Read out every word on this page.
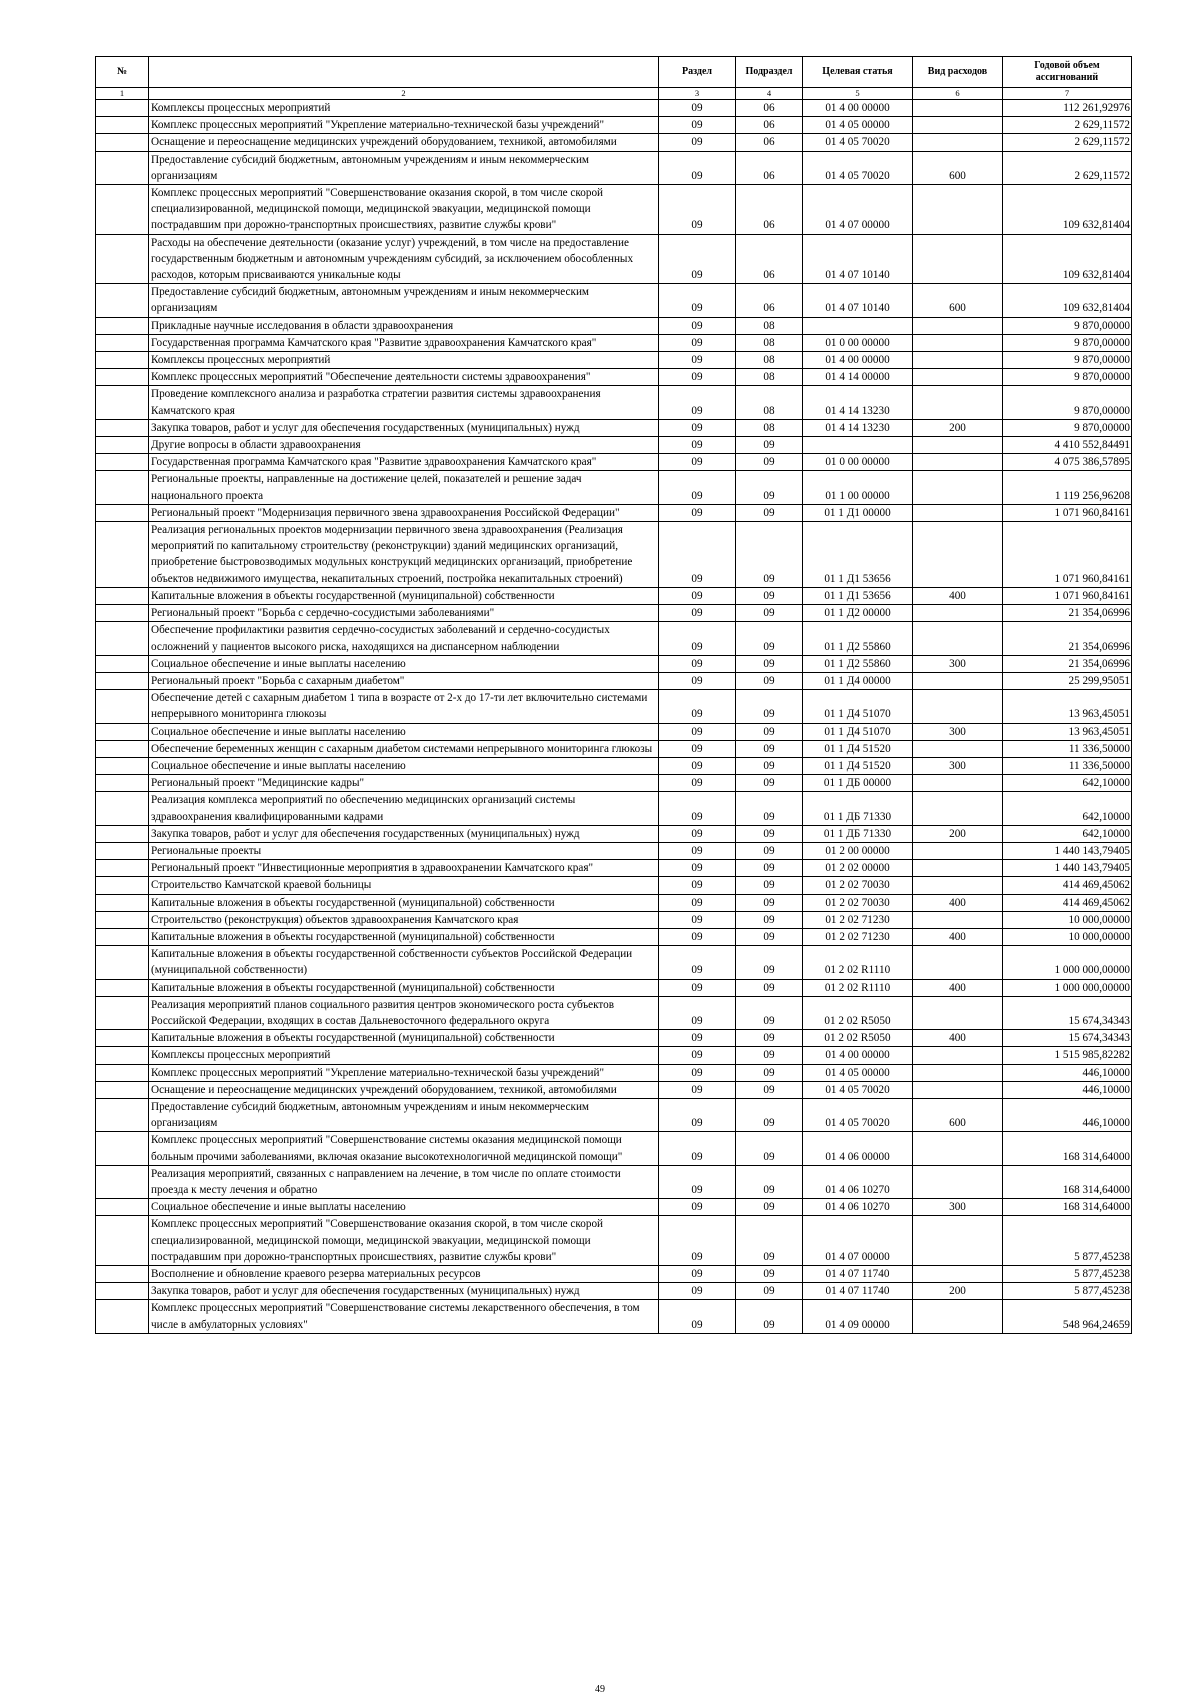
№		Раздел	Подраздел	Целевая статья	Вид расходов	Годовой объем ассигнований
1	2	3	4	5	6	7
	Комплексы процессных мероприятий	09	06	01 4 00 00000		112 261,92976
	Комплекс процессных мероприятий "Укрепление материально-технической базы учреждений"	09	06	01 4 05 00000		2 629,11572
	Оснащение и переоснащение медицинских учреждений оборудованием, техникой, автомобилями	09	06	01 4 05 70020		2 629,11572
	Предоставление субсидий бюджетным, автономным учреждениям и иным некоммерческим организациям	09	06	01 4 05 70020	600	2 629,11572
	Комплекс процессных мероприятий "Совершенствование оказания скорой, в том числе скорой специализированной, медицинской помощи, медицинской эвакуации, медицинской помощи пострадавшим при дорожно-транспортных происшествиях, развитие службы крови"	09	06	01 4 07 00000		109 632,81404
	Расходы на обеспечение деятельности (оказание услуг) учреждений, в том числе на предоставление государственным бюджетным и автономным учреждениям субсидий, за исключением обособленных расходов, которым присваиваются уникальные коды	09	06	01 4 07 10140		109 632,81404
	Предоставление субсидий бюджетным, автономным учреждениям и иным некоммерческим организациям	09	06	01 4 07 10140	600	109 632,81404
	Прикладные научные исследования в области здравоохранения	09	08			9 870,00000
	Государственная программа Камчатского края "Развитие здравоохранения Камчатского края"	09	08	01 0 00 00000		9 870,00000
	Комплексы процессных мероприятий	09	08	01 4 00 00000		9 870,00000
	Комплекс процессных мероприятий "Обеспечение деятельности системы здравоохранения"	09	08	01 4 14 00000		9 870,00000
	Проведение комплексного анализа и разработка стратегии развития системы здравоохранения Камчатского края	09	08	01 4 14 13230		9 870,00000
	Закупка товаров, работ и услуг для обеспечения государственных (муниципальных) нужд	09	08	01 4 14 13230	200	9 870,00000
	Другие вопросы в области здравоохранения	09	09			4 410 552,84491
	Государственная программа Камчатского края "Развитие здравоохранения Камчатского края"	09	09	01 0 00 00000		4 075 386,57895
	Региональные проекты, направленные на достижение целей, показателей и решение задач национального проекта	09	09	01 1 00 00000		1 119 256,96208
	Региональный проект "Модернизация первичного звена здравоохранения Российской Федерации"	09	09	01 1 Д1 00000		1 071 960,84161
	Реализация региональных проектов модернизации первичного звена здравоохранения (Реализация мероприятий по капитальному строительству (реконструкции) зданий медицинских организаций, приобретение быстровозводимых модульных конструкций медицинских организаций, приобретение объектов недвижимого имущества, некапитальных строений, постройка некапитальных строений)	09	09	01 1 Д1 53656		1 071 960,84161
	Капитальные вложения в объекты государственной (муниципальной) собственности	09	09	01 1 Д1 53656	400	1 071 960,84161
	Региональный проект "Борьба с сердечно-сосудистыми заболеваниями"	09	09	01 1 Д2 00000		21 354,06996
	Обеспечение профилактики развития сердечно-сосудистых заболеваний и сердечно-сосудистых осложнений у пациентов высокого риска, находящихся на диспансерном наблюдении	09	09	01 1 Д2 55860		21 354,06996
	Социальное обеспечение и иные выплаты населению	09	09	01 1 Д2 55860	300	21 354,06996
	Региональный проект "Борьба с сахарным диабетом"	09	09	01 1 Д4 00000		25 299,95051
	Обеспечение детей с сахарным диабетом 1 типа в возрасте от 2-х до 17-ти лет включительно системами непрерывного мониторинга глюкозы	09	09	01 1 Д4 51070		13 963,45051
	Социальное обеспечение и иные выплаты населению	09	09	01 1 Д4 51070	300	13 963,45051
	Обеспечение беременных женщин с сахарным диабетом системами непрерывного мониторинга глюкозы	09	09	01 1 Д4 51520		11 336,50000
	Социальное обеспечение и иные выплаты населению	09	09	01 1 Д4 51520	300	11 336,50000
	Региональный проект "Медицинские кадры"	09	09	01 1 ДБ 00000		642,10000
	Реализация комплекса мероприятий по обеспечению медицинских организаций системы здравоохранения квалифицированными кадрами	09	09	01 1 ДБ 71330		642,10000
	Закупка товаров, работ и услуг для обеспечения государственных (муниципальных) нужд	09	09	01 1 ДБ 71330	200	642,10000
	Региональные проекты	09	09	01 2 00 00000		1 440 143,79405
	Региональный проект "Инвестиционные мероприятия в здравоохранении Камчатского края"	09	09	01 2 02 00000		1 440 143,79405
	Строительство Камчатской краевой больницы	09	09	01 2 02 70030		414 469,45062
	Капитальные вложения в объекты государственной (муниципальной) собственности	09	09	01 2 02 70030	400	414 469,45062
	Строительство (реконструкция) объектов здравоохранения Камчатского края	09	09	01 2 02 71230		10 000,00000
	Капитальные вложения в объекты государственной (муниципальной) собственности	09	09	01 2 02 71230	400	10 000,00000
	Капитальные вложения в объекты государственной собственности субъектов Российской Федерации (муниципальной собственности)	09	09	01 2 02 R1110		1 000 000,00000
	Капитальные вложения в объекты государственной (муниципальной) собственности	09	09	01 2 02 R1110	400	1 000 000,00000
	Реализация мероприятий планов социального развития центров экономического роста субъектов Российской Федерации, входящих в состав Дальневосточного федерального округа	09	09	01 2 02 R5050		15 674,34343
	Капитальные вложения в объекты государственной (муниципальной) собственности	09	09	01 2 02 R5050	400	15 674,34343
	Комплексы процессных мероприятий	09	09	01 4 00 00000		1 515 985,82282
	Комплекс процессных мероприятий "Укрепление материально-технической базы учреждений"	09	09	01 4 05 00000		446,10000
	Оснащение и переоснащение медицинских учреждений оборудованием, техникой, автомобилями	09	09	01 4 05 70020		446,10000
	Предоставление субсидий бюджетным, автономным учреждениям и иным некоммерческим организациям	09	09	01 4 05 70020	600	446,10000
	Комплекс процессных мероприятий "Совершенствование системы оказания медицинской помощи больным прочими заболеваниями, включая оказание высокотехнологичной медицинской помощи"	09	09	01 4 06 00000		168 314,64000
	Реализация мероприятий, связанных с направлением на лечение, в том числе по оплате стоимости проезда к месту лечения и обратно	09	09	01 4 06 10270		168 314,64000
	Социальное обеспечение и иные выплаты населению	09	09	01 4 06 10270	300	168 314,64000
	Комплекс процессных мероприятий "Совершенствование оказания скорой, в том числе скорой специализированной, медицинской помощи, медицинской эвакуации, медицинской помощи пострадавшим при дорожно-транспортных происшествиях, развитие службы крови"	09	09	01 4 07 00000		5 877,45238
	Восполнение и обновление краевого резерва материальных ресурсов	09	09	01 4 07 11740		5 877,45238
	Закупка товаров, работ и услуг для обеспечения государственных (муниципальных) нужд	09	09	01 4 07 11740	200	5 877,45238
	Комплекс процессных мероприятий "Совершенствование системы лекарственного обеспечения, в том числе в амбулаторных условиях"	09	09	01 4 09 00000		548 964,24659
49
